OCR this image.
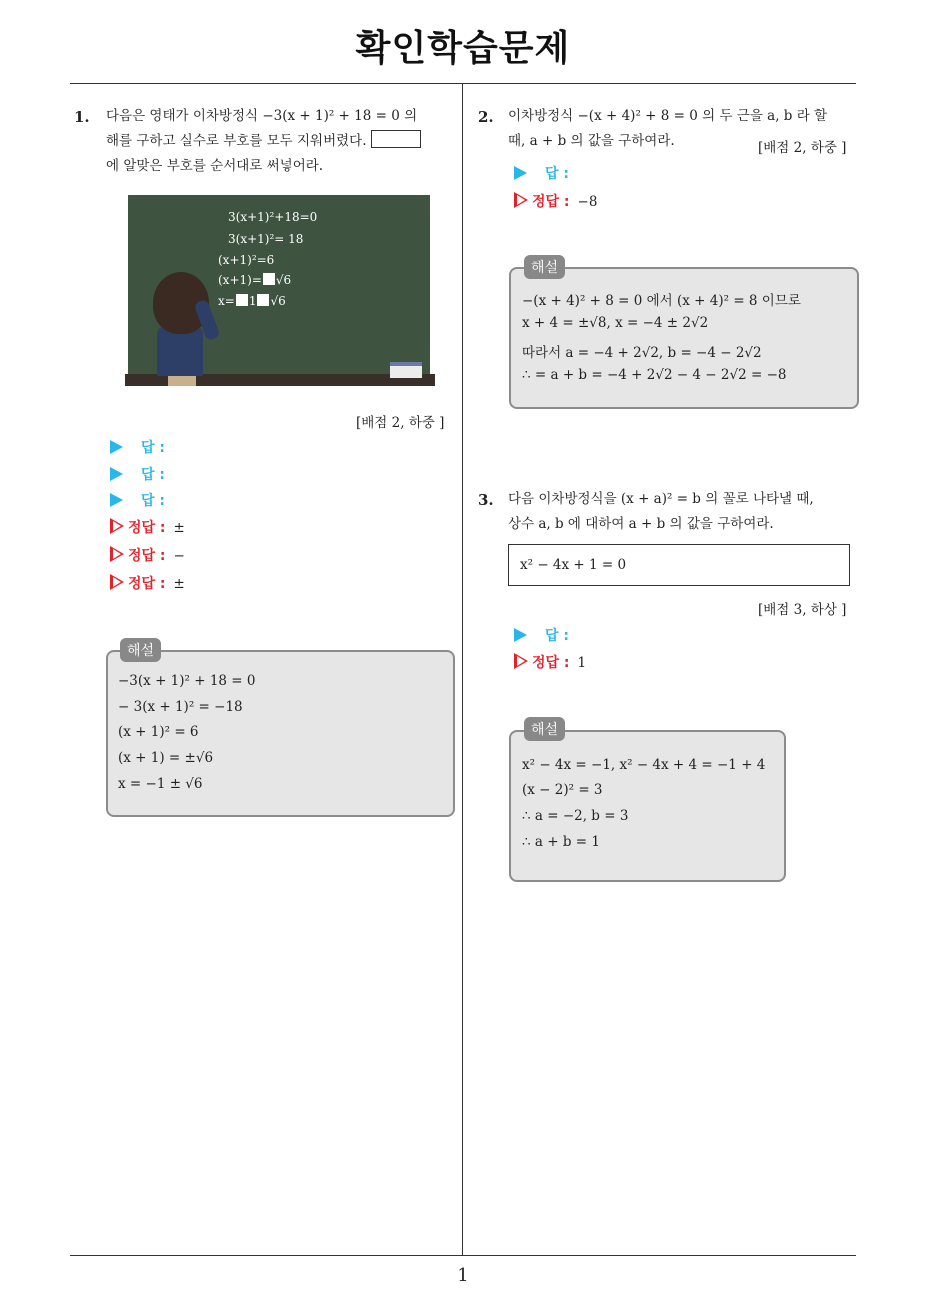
확인학습문제
1. 다음은 영태가 이차방정식 −3(x + 1)² + 18 = 0 의
해를 구하고 실수로 부호를 모두 지워버렸다.
에 알맞은 부호를 순서대로 써넣어라.
3(x+1)²+18=0
3(x+1)²= 18
(x+1)²=6
(x+1)= √6
x= 1 √6
[배점 2, 하중 ]
답 :
답 :
답 :
정답 : ±
정답 : −
정답 : ±
해설
−3(x + 1)² + 18 = 0
− 3(x + 1)² = −18
(x + 1)² = 6
(x + 1) = ±√6
x = −1 ± √6
2. 이차방정식 −(x + 4)² + 8 = 0 의 두 근을 a, b 라 할
때, a + b 의 값을 구하여라.	[배점 2, 하중 ]
답 :
정답 : −8
해설
−(x + 4)² + 8 = 0 에서 (x + 4)² = 8 이므로
x + 4 = ±√8, x = −4 ± 2√2
따라서 a = −4 + 2√2, b = −4 − 2√2
∴ = a + b = −4 + 2√2 − 4 − 2√2 = −8
3. 다음 이차방정식을 (x + a)² = b 의 꼴로 나타낼 때,
상수 a, b 에 대하여 a + b 의 값을 구하여라.
x² − 4x + 1 = 0
[배점 3, 하상 ]
답 :
정답 : 1
해설
x² − 4x = −1, x² − 4x + 4 = −1 + 4
(x − 2)² = 3
∴ a = −2, b = 3
∴ a + b = 1
1
